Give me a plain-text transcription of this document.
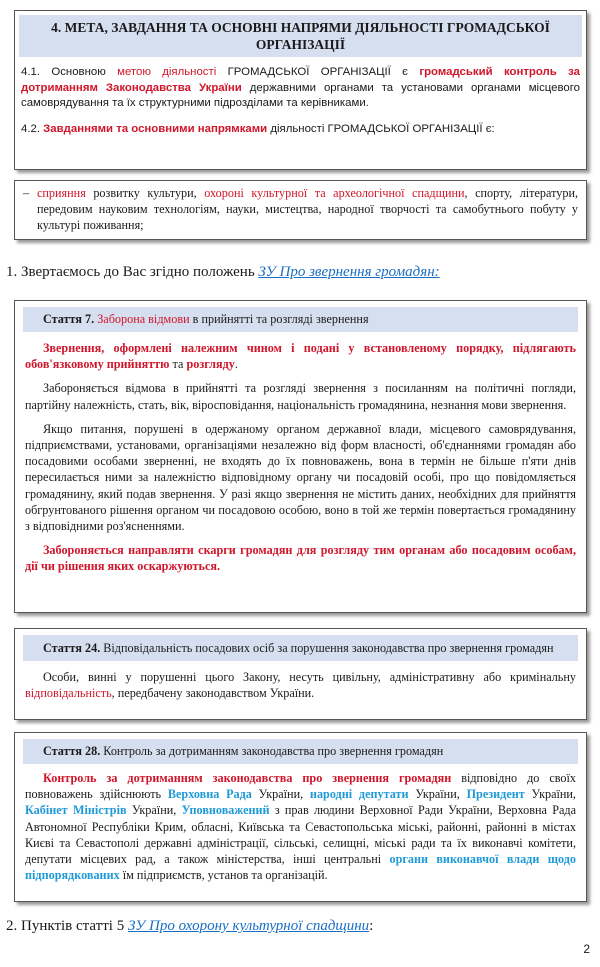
4. МЕТА, ЗАВДАННЯ ТА ОСНОВНІ НАПРЯМИ ДІЯЛЬНОСТІ ГРОМАДСЬКОЇ ОРГАНІЗАЦІЇ

4.1. Основною метою діяльності ГРОМАДСЬКОЇ ОРГАНІЗАЦІЇ є громадський контроль за дотриманням Законодавства України державними органами та установами органами місцевого самоврядування та їх структурними підрозділами та керівниками.

4.2. Завданнями та основними напрямками діяльності ГРОМАДСЬКОЇ ОРГАНІЗАЦІЇ є:

– сприяння розвитку культури, охороні культурної та археологічної спадщини, спорту, літератури, передовим науковим технологіям, науки, мистецтва, народної творчості та самобутнього побуту у культурі поживання;

1. Звертаємось до Вас згідно положень ЗУ Про звернення громадян:
Стаття 7. Заборона відмови в прийнятті та розгляді звернення

Звернення, оформлені належним чином і подані у встановленому порядку, підлягають обов'язковому прийняттю та розгляду.

Забороняється відмова в прийнятті та розгляді звернення з посиланням на політичні погляди, партійну належність, стать, вік, віросповідання, національність громадянина, незнання мови звернення.

Якщо питання, порушені в одержаному органом державної влади, місцевого самоврядування, підприємствами, установами, організаціями незалежно від форм власності, об'єднаннями громадян або посадовими особами зверненні, не входять до їх повноважень, вона в термін не більше п'яти днів пересилається ними за належністю відповідному органу чи посадовій особі, про що повідомляється громадянину, який подав звернення. У разі якщо звернення не містить даних, необхідних для прийняття обгрунтованого рішення органом чи посадовою особою, воно в той же термін повертається громадянину з відповідними роз'ясненнями.

Забороняється направляти скарги громадян для розгляду тим органам або посадовим особам, дії чи рішення яких оскаржуються.

Стаття 24. Відповідальність посадових осіб за порушення законодавства про звернення громадян

Особи, винні у порушенні цього Закону, несуть цивільну, адміністративну або кримінальну відповідальність, передбачену законодавством України.

Стаття 28. Контроль за дотриманням законодавства про звернення громадян

Контроль за дотриманням законодавства про звернення громадян відповідно до своїх повноважень здійснюють Верховна Рада України, народні депутати України, Президент України, Кабінет Міністрів України, Уповноважений з прав людини Верховної Ради України, Верховна Рада Автономної Республіки Крим, обласні, Київська та Севастопольська міські, районні, районні в містах Києві та Севастополі державні адміністрації, сільські, селищні, міські ради та їх виконавчі комітети, депутати місцевих рад, а також міністерства, інші центральні органи виконавчої влади щодо підпорядкованих їм підприємств, установ та організацій.

2. Пунктів статті 5 ЗУ Про охорону культурної спадщини:
2
